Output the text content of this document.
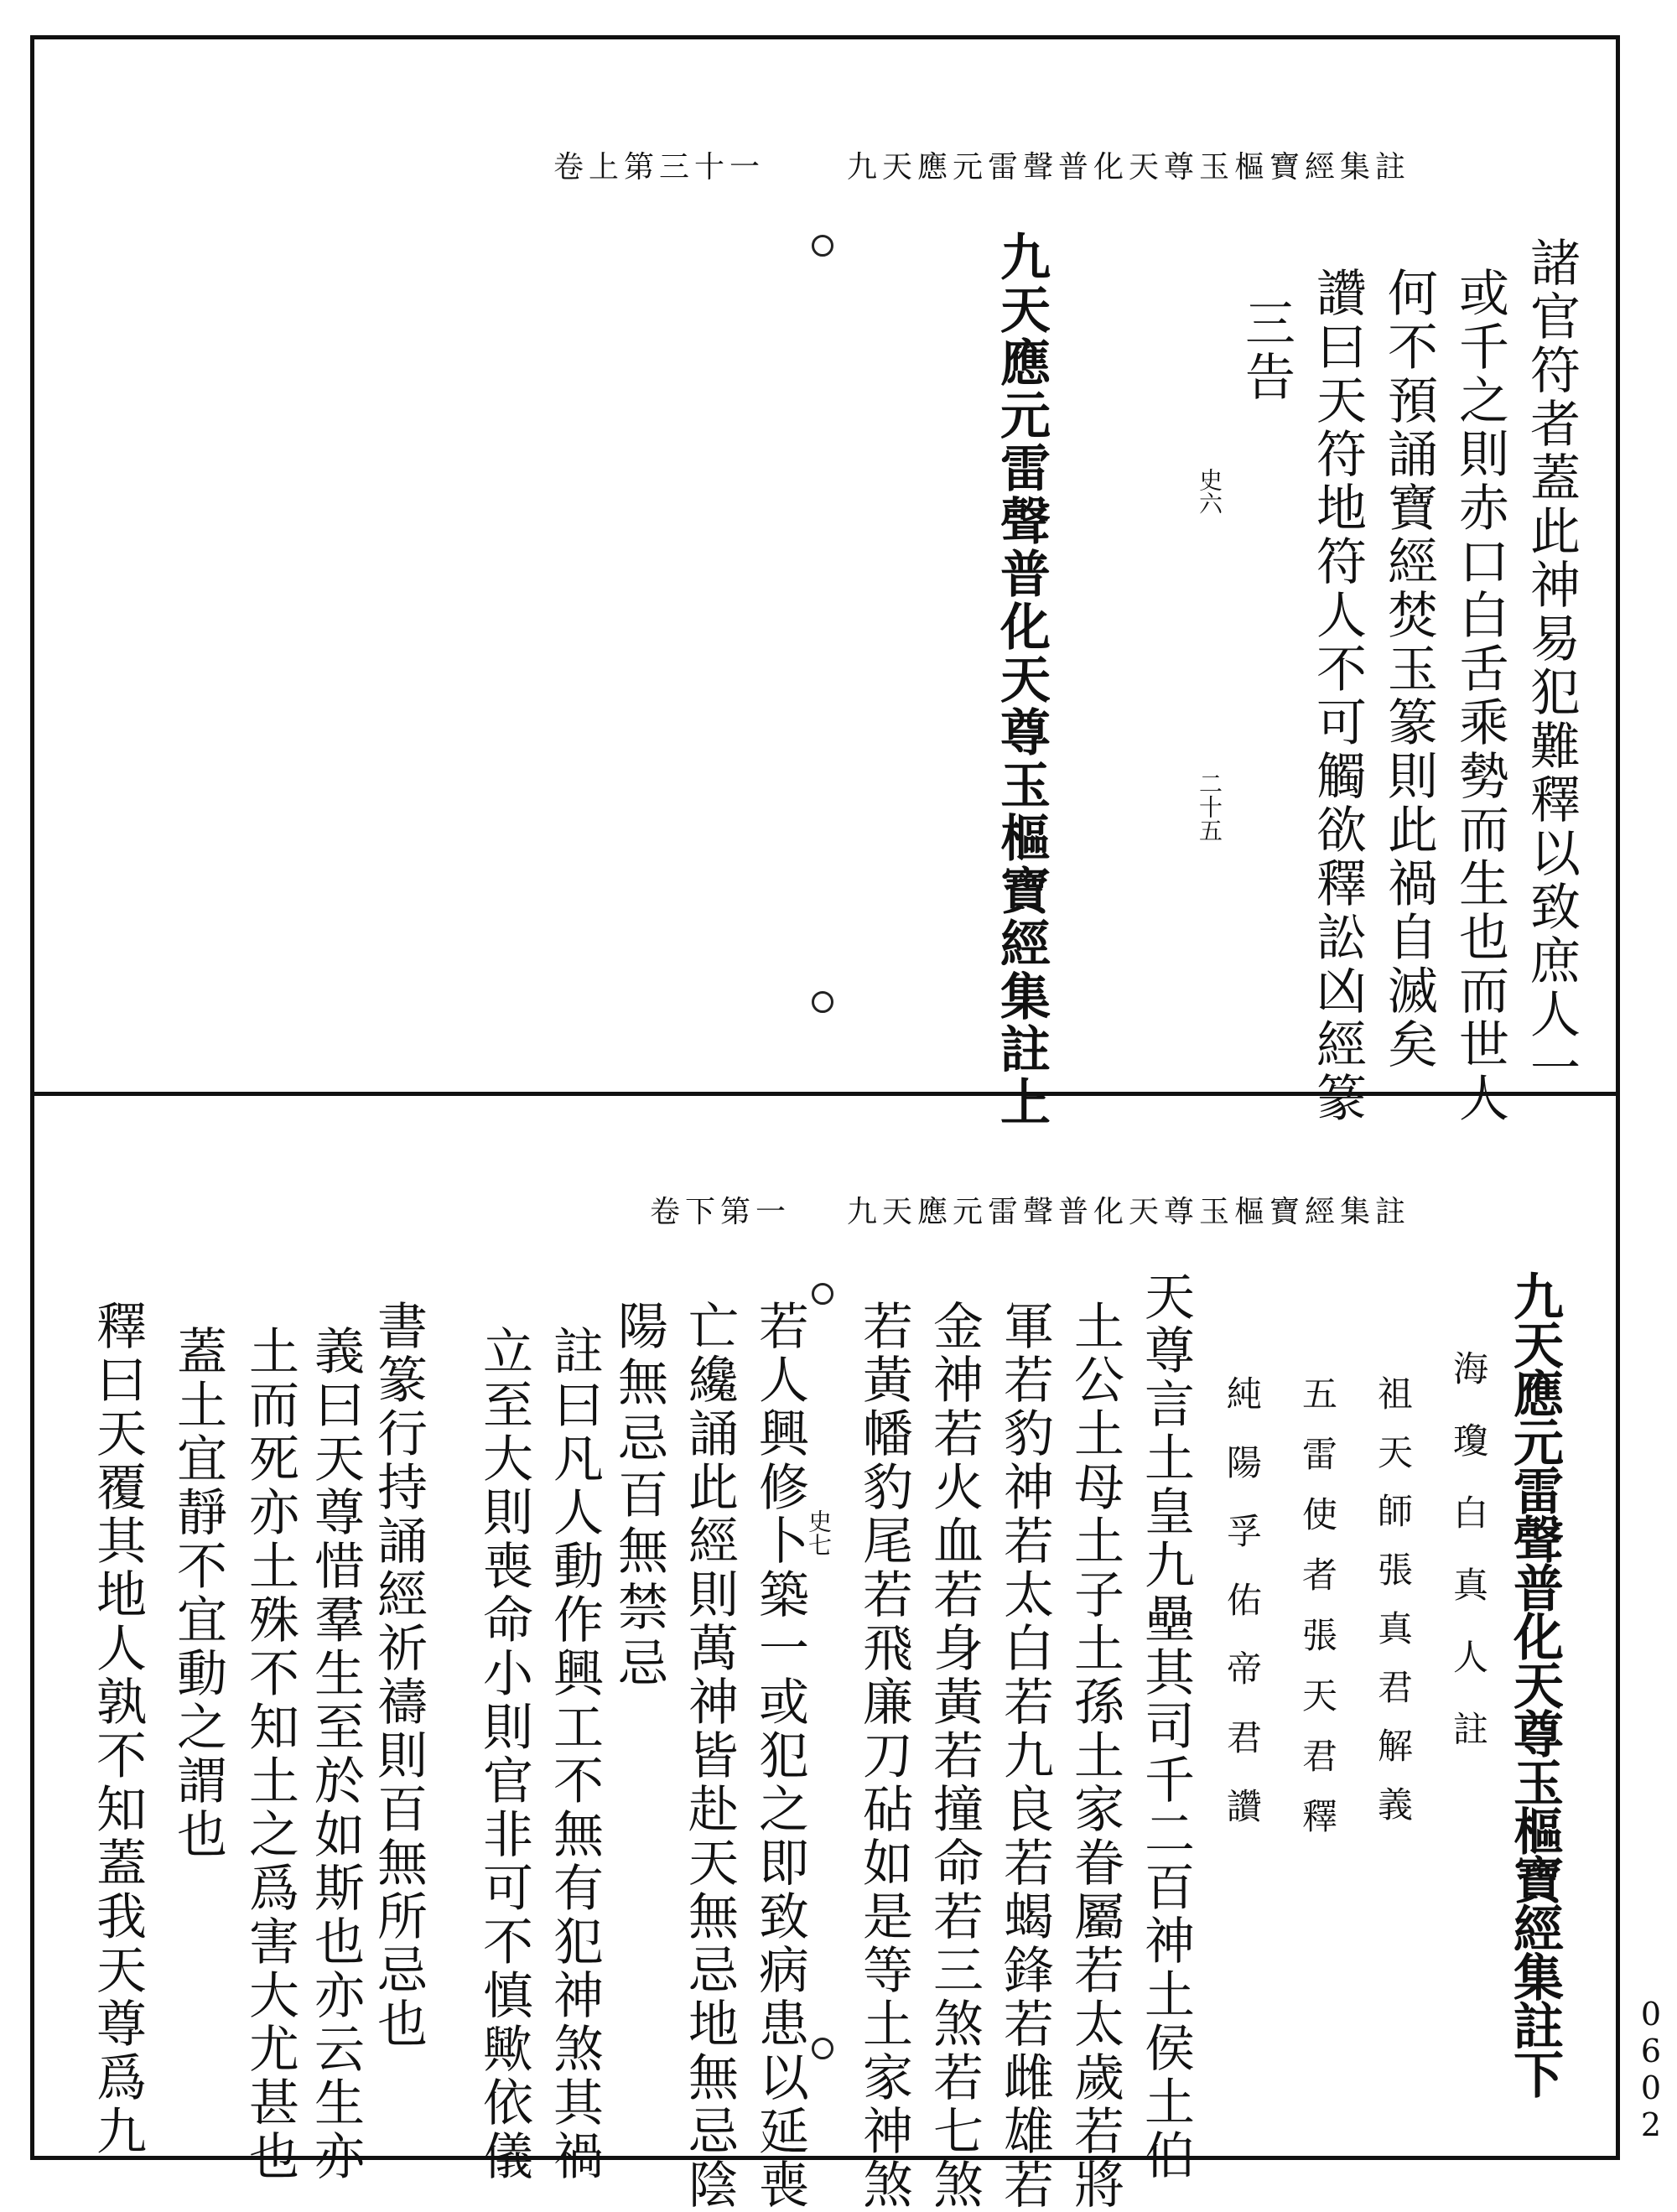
卷上第三十一	九天應元雷聲普化天尊玉樞寶經集註
諸官符者蓋此神易犯難釋以致庶人一
或千之則赤口白舌乘勢而生也而世人
何不預誦寶經焚玉篆則此禍自滅矣
讚曰天符地符人不可觸欲釋訟凶經篆
三告
史六
二十五
九天應元雷聲普化天尊玉樞寶經集註上
卷下第一 九天應元雷聲普化天尊玉樞寶經集註
九天應元雷聲普化天尊玉樞寶經集註下
海瓊白真人註
祖天師張真君解義
五雷使者張天君釋
純陽孚佑帝君讚
天尊言土皇九壘其司千二百神土侯土伯
土公土母土子土孫土家眷屬若太歲若將
軍若豹神若太白若九良若蝎鋒若雌雄若
金神若火血若身黃若撞命若三煞若七煞
若黃幡豹尾若飛廉刀砧如是等土家神煞
若人興修卜築一或犯之即致病患以延喪
亡纔誦此經則萬神皆赴天無忌地無忌陰
陽無忌百無禁忌
註曰凡人動作興工不無有犯神煞其禍
立至大則喪命小則官非可不慎歟依儀
書篆行持誦經祈禱則百無所忌也
義曰天尊惜羣生至於如斯也亦云生亦
土而死亦土殊不知土之爲害大尤甚也
蓋土宜靜不宜動之謂也
釋曰天覆其地人孰不知蓋我天尊爲九	史七
0602
